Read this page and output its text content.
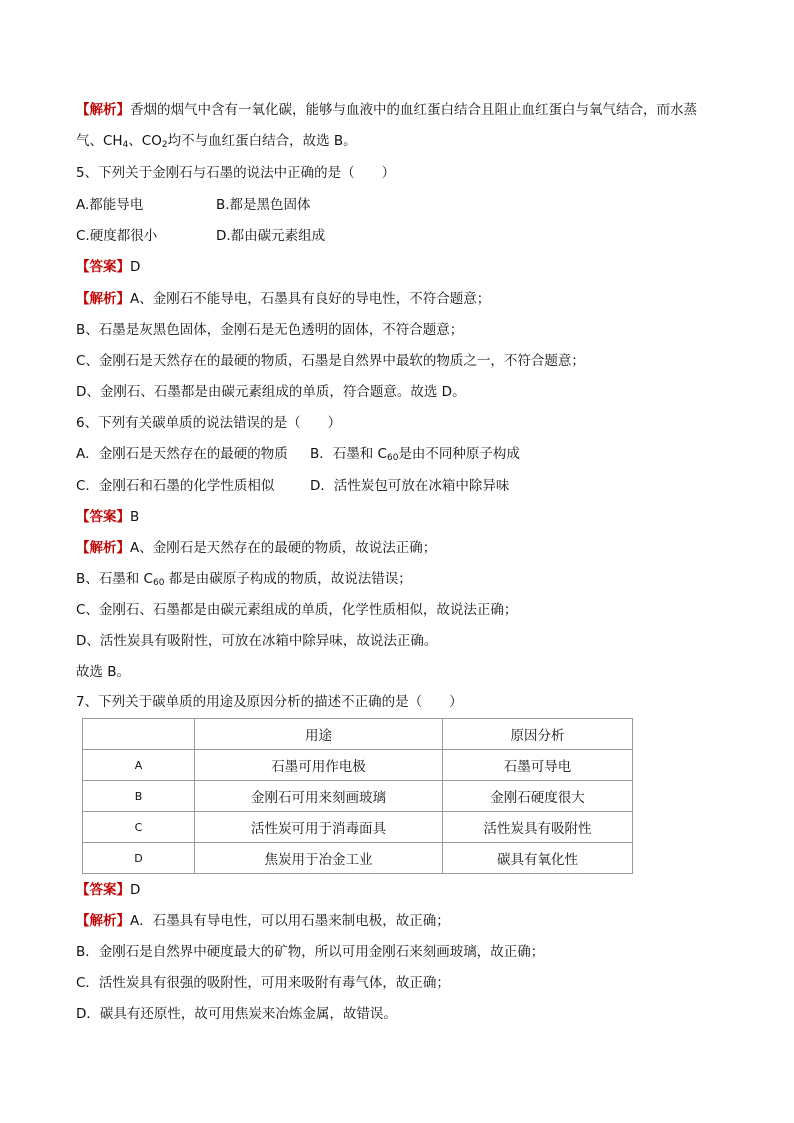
【解析】香烟的烟气中含有一氧化碳，能够与血液中的血红蛋白结合且阻止血红蛋白与氧气结合，而水蒸
气、$CH_4$、$CO_2$均不与血红蛋白结合，故选 B。
5、下列关于金刚石与石墨的说法中正确的是（　　）
A.都能导电	B.都是黑色固体
C.硬度都很小	D.都由碳元素组成
【答案】D
【解析】A、金刚石不能导电，石墨具有良好的导电性，不符合题意；
B、石墨是灰黑色固体，金刚石是无色透明的固体，不符合题意；
C、金刚石是天然存在的最硬的物质，石墨是自然界中最软的物质之一，不符合题意；
D、金刚石、石墨都是由碳元素组成的单质，符合题意。故选 D。
6、下列有关碳单质的说法错误的是（　　）
A．金刚石是天然存在的最硬的物质 B．石墨和 $C_{60}$是由不同种原子构成
C．金刚石和石墨的化学性质相似	D．活性炭包可放在冰箱中除异味
【答案】B
【解析】A、金刚石是天然存在的最硬的物质，故说法正确；
B、石墨和 $C_{60}$ 都是由碳原子构成的物质，故说法错误；
C、金刚石、石墨都是由碳元素组成的单质，化学性质相似，故说法正确；
D、活性炭具有吸附性，可放在冰箱中除异味，故说法正确。
故选 B。
7、下列关于碳单质的用途及原因分析的描述不正确的是（　　）
	用途	原因分析
A	石墨可用作电极	石墨可导电
B	金刚石可用来刻画玻璃	金刚石硬度很大
C	活性炭可用于消毒面具	活性炭具有吸附性
D	焦炭用于冶金工业	碳具有氧化性
【答案】D
【解析】A．石墨具有导电性，可以用石墨来制电极，故正确；
B．金刚石是自然界中硬度最大的矿物，所以可用金刚石来刻画玻璃，故正确；
C．活性炭具有很强的吸附性，可用来吸附有毒气体，故正确；
D．碳具有还原性，故可用焦炭来冶炼金属，故错误。
